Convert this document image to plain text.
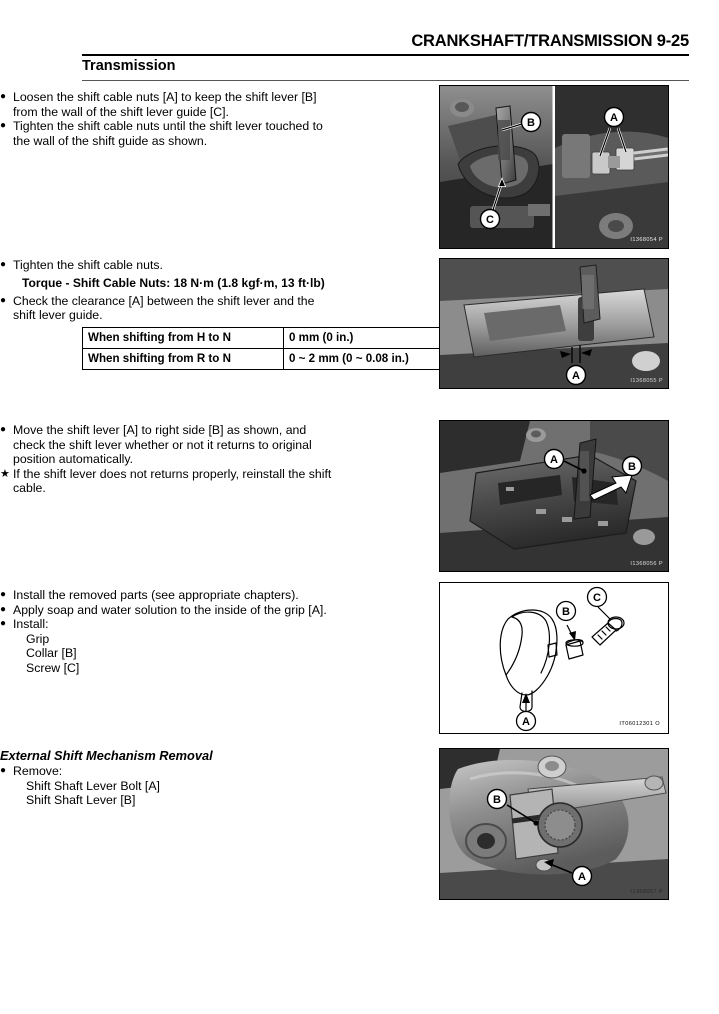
CRANKSHAFT/TRANSMISSION 9-25
Transmission
● Loosen the shift cable nuts [A] to keep the shift lever [B]
from the wall of the shift lever guide [C].
● Tighten the shift cable nuts until the shift lever touched to
the wall of the shift guide as shown.
● Tighten the shift cable nuts.
Torque - Shift Cable Nuts: 18 N·m (1.8 kgf·m, 13 ft·lb)
● Check the clearance [A] between the shift lever and the
shift lever guide.
When shifting from H to N	0 mm (0 in.)
When shifting from R to N	0 ~ 2 mm (0 ~ 0.08 in.)
● Move the shift lever [A] to right side [B] as shown, and
check the shift lever whether or not it returns to original
position automatically.
★ If the shift lever does not returns properly, reinstall the shift
cable.
● Install the removed parts (see appropriate chapters).
● Apply soap and water solution to the inside of the grip [A].
● Install:
Grip
Collar [B]
Screw [C]
External Shift Mechanism Removal
● Remove:
Shift Shaft Lever Bolt [A]
Shift Shaft Lever [B]
B
C
A
I1368054 P
A	I1368055 P
A
B
I1368056 P
A
B
C
IT06012301 O
B
A
I1368057 P
